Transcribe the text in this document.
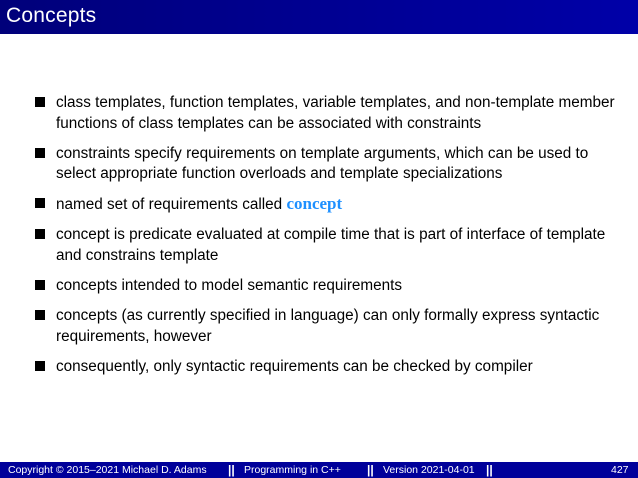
Concepts
class templates, function templates, variable templates, and non-template member functions of class templates can be associated with constraints
constraints specify requirements on template arguments, which can be used to select appropriate function overloads and template specializations
named set of requirements called concept
concept is predicate evaluated at compile time that is part of interface of template and constrains template
concepts intended to model semantic requirements
concepts (as currently specified in language) can only formally express syntactic requirements, however
consequently, only syntactic requirements can be checked by compiler
Copyright © 2015–2021 Michael D. Adams || Programming in C++ || Version 2021-04-01 ||	427
